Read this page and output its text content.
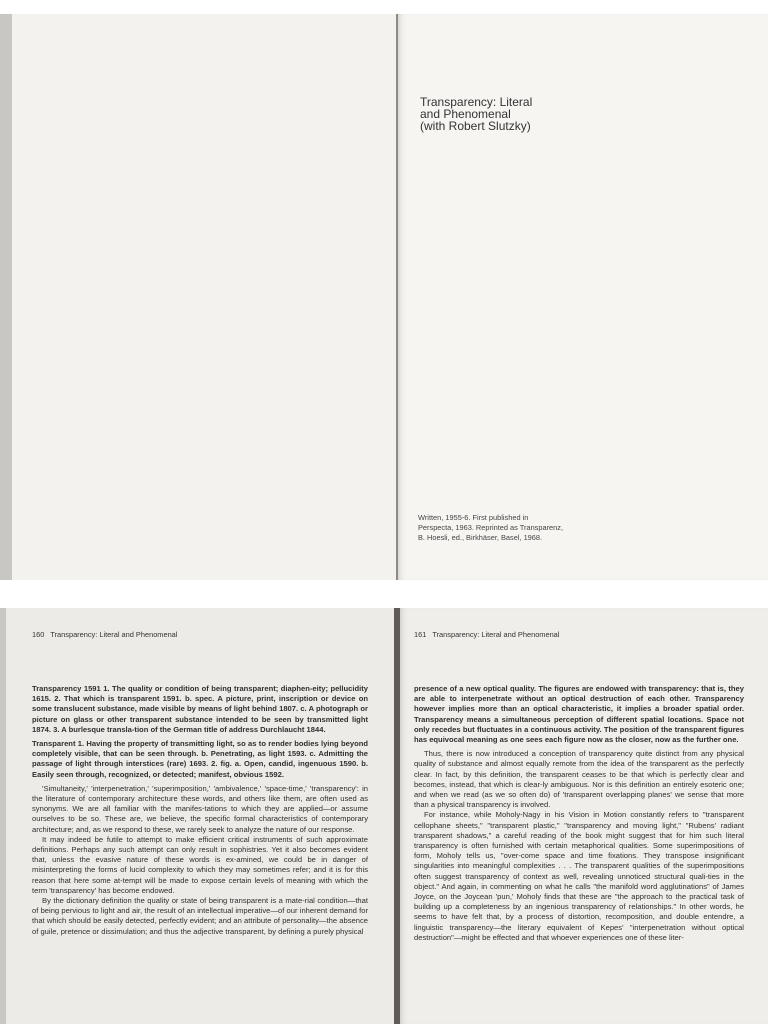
Transparency: Literal
and Phenomenal
(with Robert Slutzky)
Written, 1955-6. First published in
Perspecta, 1963. Reprinted as Transparenz,
B. Hoesli, ed., Birkhäser, Basel, 1968.
160 Transparency: Literal and Phenomenal

Transparency 1591 1. The quality or condition of being transparent; diaphen-eity; pellucidity 1615. 2. That which is transparent 1591. b. spec. A picture, print, inscription or device on some translucent substance, made visible by means of light behind 1807. c. A photograph or picture on glass or other transparent substance intended to be seen by transmitted light 1874. 3. A burlesque transla-tion of the German title of address Durchlaucht 1844.

Transparent 1. Having the property of transmitting light, so as to render bodies lying beyond completely visible, that can be seen through. b. Penetrating, as light 1593. c. Admitting the passage of light through interstices (rare) 1693. 2. fig. a. Open, candid, ingenuous 1590. b. Easily seen through, recognized, or detected; manifest, obvious 1592.

'Simultaneity,' 'interpenetration,' 'superimposition,' 'ambivalence,' 'space-time,' 'transparency': in the literature of contemporary architecture these words, and others like them, are often used as synonyms. We are all familiar with the manifes-tations to which they are applied—or assume ourselves to be so. These are, we believe, the specific formal characteristics of contemporary architecture; and, as we respond to these, we rarely seek to analyze the nature of our response.

It may indeed be futile to attempt to make efficient critical instruments of such approximate definitions. Perhaps any such attempt can only result in sophistries. Yet it also becomes evident that, unless the evasive nature of these words is ex-amined, we could be in danger of misinterpreting the forms of lucid complexity to which they may sometimes refer; and it is for this reason that here some at-tempt will be made to expose certain levels of meaning with which the term 'transparency' has become endowed.

By the dictionary definition the quality or state of being transparent is a mate-rial condition—that of being pervious to light and air, the result of an intellectual imperative—of our inherent demand for that which should be easily detected, perfectly evident; and an attribute of personality—the absence of guile, pretence or dissimulation; and thus the adjective transparent, by defining a purely physical

161 Transparency: Literal and Phenomenal

presence of a new optical quality. The figures are endowed with transparency: that is, they are able to interpenetrate without an optical destruction of each other. Transparency however implies more than an optical characteristic, it implies a broader spatial order. Transparency means a simultaneous perception of different spatial locations. Space not only recedes but fluctuates in a continuous activity. The position of the transparent figures has equivocal meaning as one sees each figure now as the closer, now as the further one.

Thus, there is now introduced a conception of transparency quite distinct from any physical quality of substance and almost equally remote from the idea of the transparent as the perfectly clear. In fact, by this definition, the transparent ceases to be that which is perfectly clear and becomes, instead, that which is clear-ly ambiguous. Nor is this definition an entirely esoteric one; and when we read (as we so often do) of 'transparent overlapping planes' we sense that more than a physical transparency is involved.

For instance, while Moholy-Nagy in his Vision in Motion constantly refers to "transparent cellophane sheets," "transparent plastic," "transparency and moving light," "Rubens' radiant transparent shadows," a careful reading of the book might suggest that for him such literal transparency is often furnished with certain metaphorical qualities. Some superimpositions of form, Moholy tells us, "over-come space and time fixations. They transpose insignificant singularities into meaningful complexities . . . The transparent qualities of the superimpositions often suggest transparency of context as well, revealing unnoticed structural quali-ties in the object." And again, in commenting on what he calls "the manifold word agglutinations" of James Joyce, on the Joycean 'pun,' Moholy finds that these are "the approach to the practical task of building up a completeness by an ingenious transparency of relationships." In other words, he seems to have felt that, by a process of distortion, recomposition, and double entendre, a linguistic transparency—the literary equivalent of Kepes' "interpenetration without optical destruction"—might be effected and that whoever experiences one of these liter-
